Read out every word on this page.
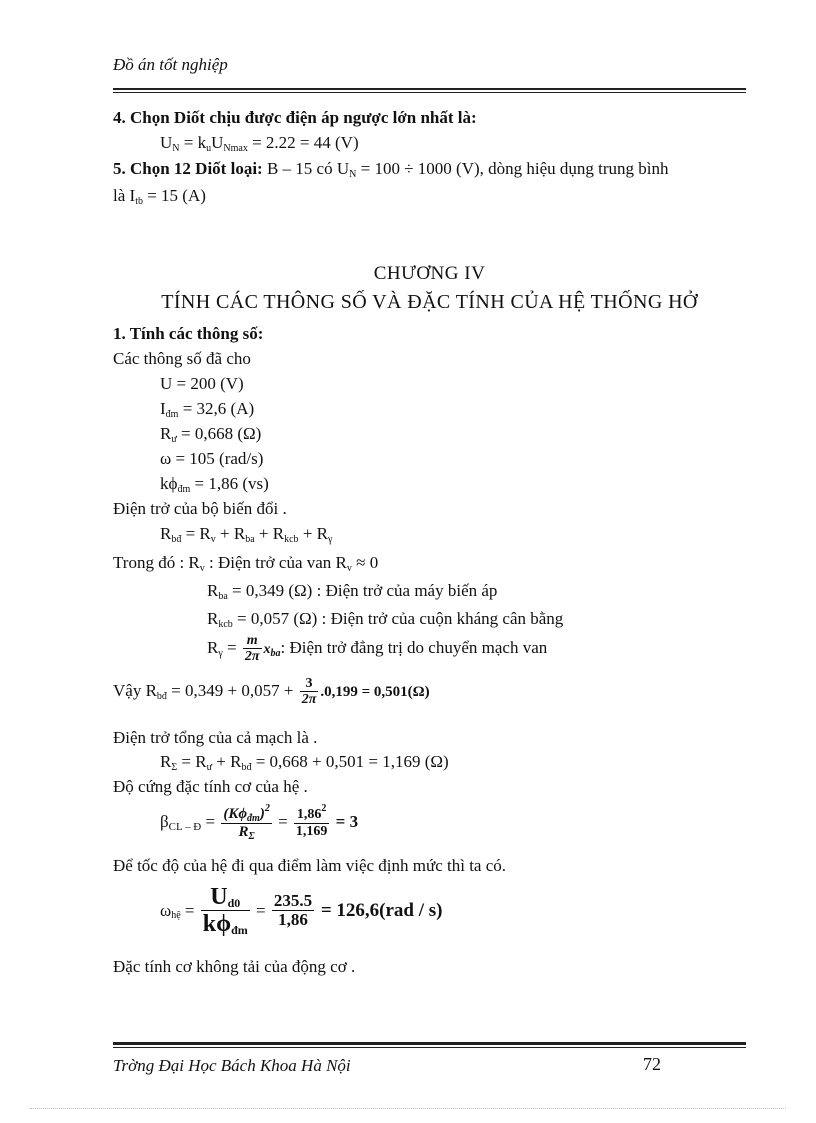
Đồ án tốt nghiệp
4. Chọn Diốt chịu được điện áp ngược lớn nhất là:
$U_N = k_uU_{Nmax} = 2.22 = 44$ (V)
5. Chọn 12 Diốt loại: B – 15 có $U_N = 100 \div 1000$ (V), dòng hiệu dụng trung bình
là $I_{tb} = 15$ (A)
CHƯƠNG IV
TÍNH CÁC THÔNG SỐ VÀ ĐẶC TÍNH CỦA HỆ THỐNG HỞ
1. Tính các thông số:
Các thông số đã cho
U = 200 (V)
$I_{đm} = 32,6$ (A)
$R_ư = 0,668$ (Ω)
ω = 105 (rad/s)
$k\phi_{đm} = 1,86$ (vs)
Điện trở của bộ biến đổi .
$R_{bđ} = R_v + R_{ba} + R_{kcb} + R_\gamma$
Trong đó : $R_v$ : Điện trở của van $R_v \approx 0$
$R_{ba} = 0,349$ (Ω) : Điện trở của máy biến áp
$R_{kcb} = 0,057$ (Ω) : Điện trở của cuộn kháng cân bằng
$R_\gamma = \frac{m}{2\pi} x_{ba}$: Điện trở đẳng trị do chuyển mạch van
Vậy $R_{bđ} = 0,349 + 0,057 + \frac{3}{2\pi} .0,199 = 0,501(\Omega)$
Điện trở tổng của cả mạch là .
$R_\Sigma = R_ư + R_{bđ} = 0,668 + 0,501 = 1,169$ (Ω)
Độ cứng đặc tính cơ của hệ .
$\beta_{CL - Đ} = \frac{(K\phi_{đm})^2}{R_\Sigma} = \frac{1,86^2}{1,169} = 3$
Để tốc độ của hệ đi qua điểm làm việc định mức thì ta có.
$\omega_{hệ} = \frac{U_{d0}}{k\phi_{đm}} = \frac{235.5}{1,86} = 126,6(rad / s)$
Đặc tính cơ không tải của động cơ .
Trờng Đại Học Bách Khoa Hà Nội	72
